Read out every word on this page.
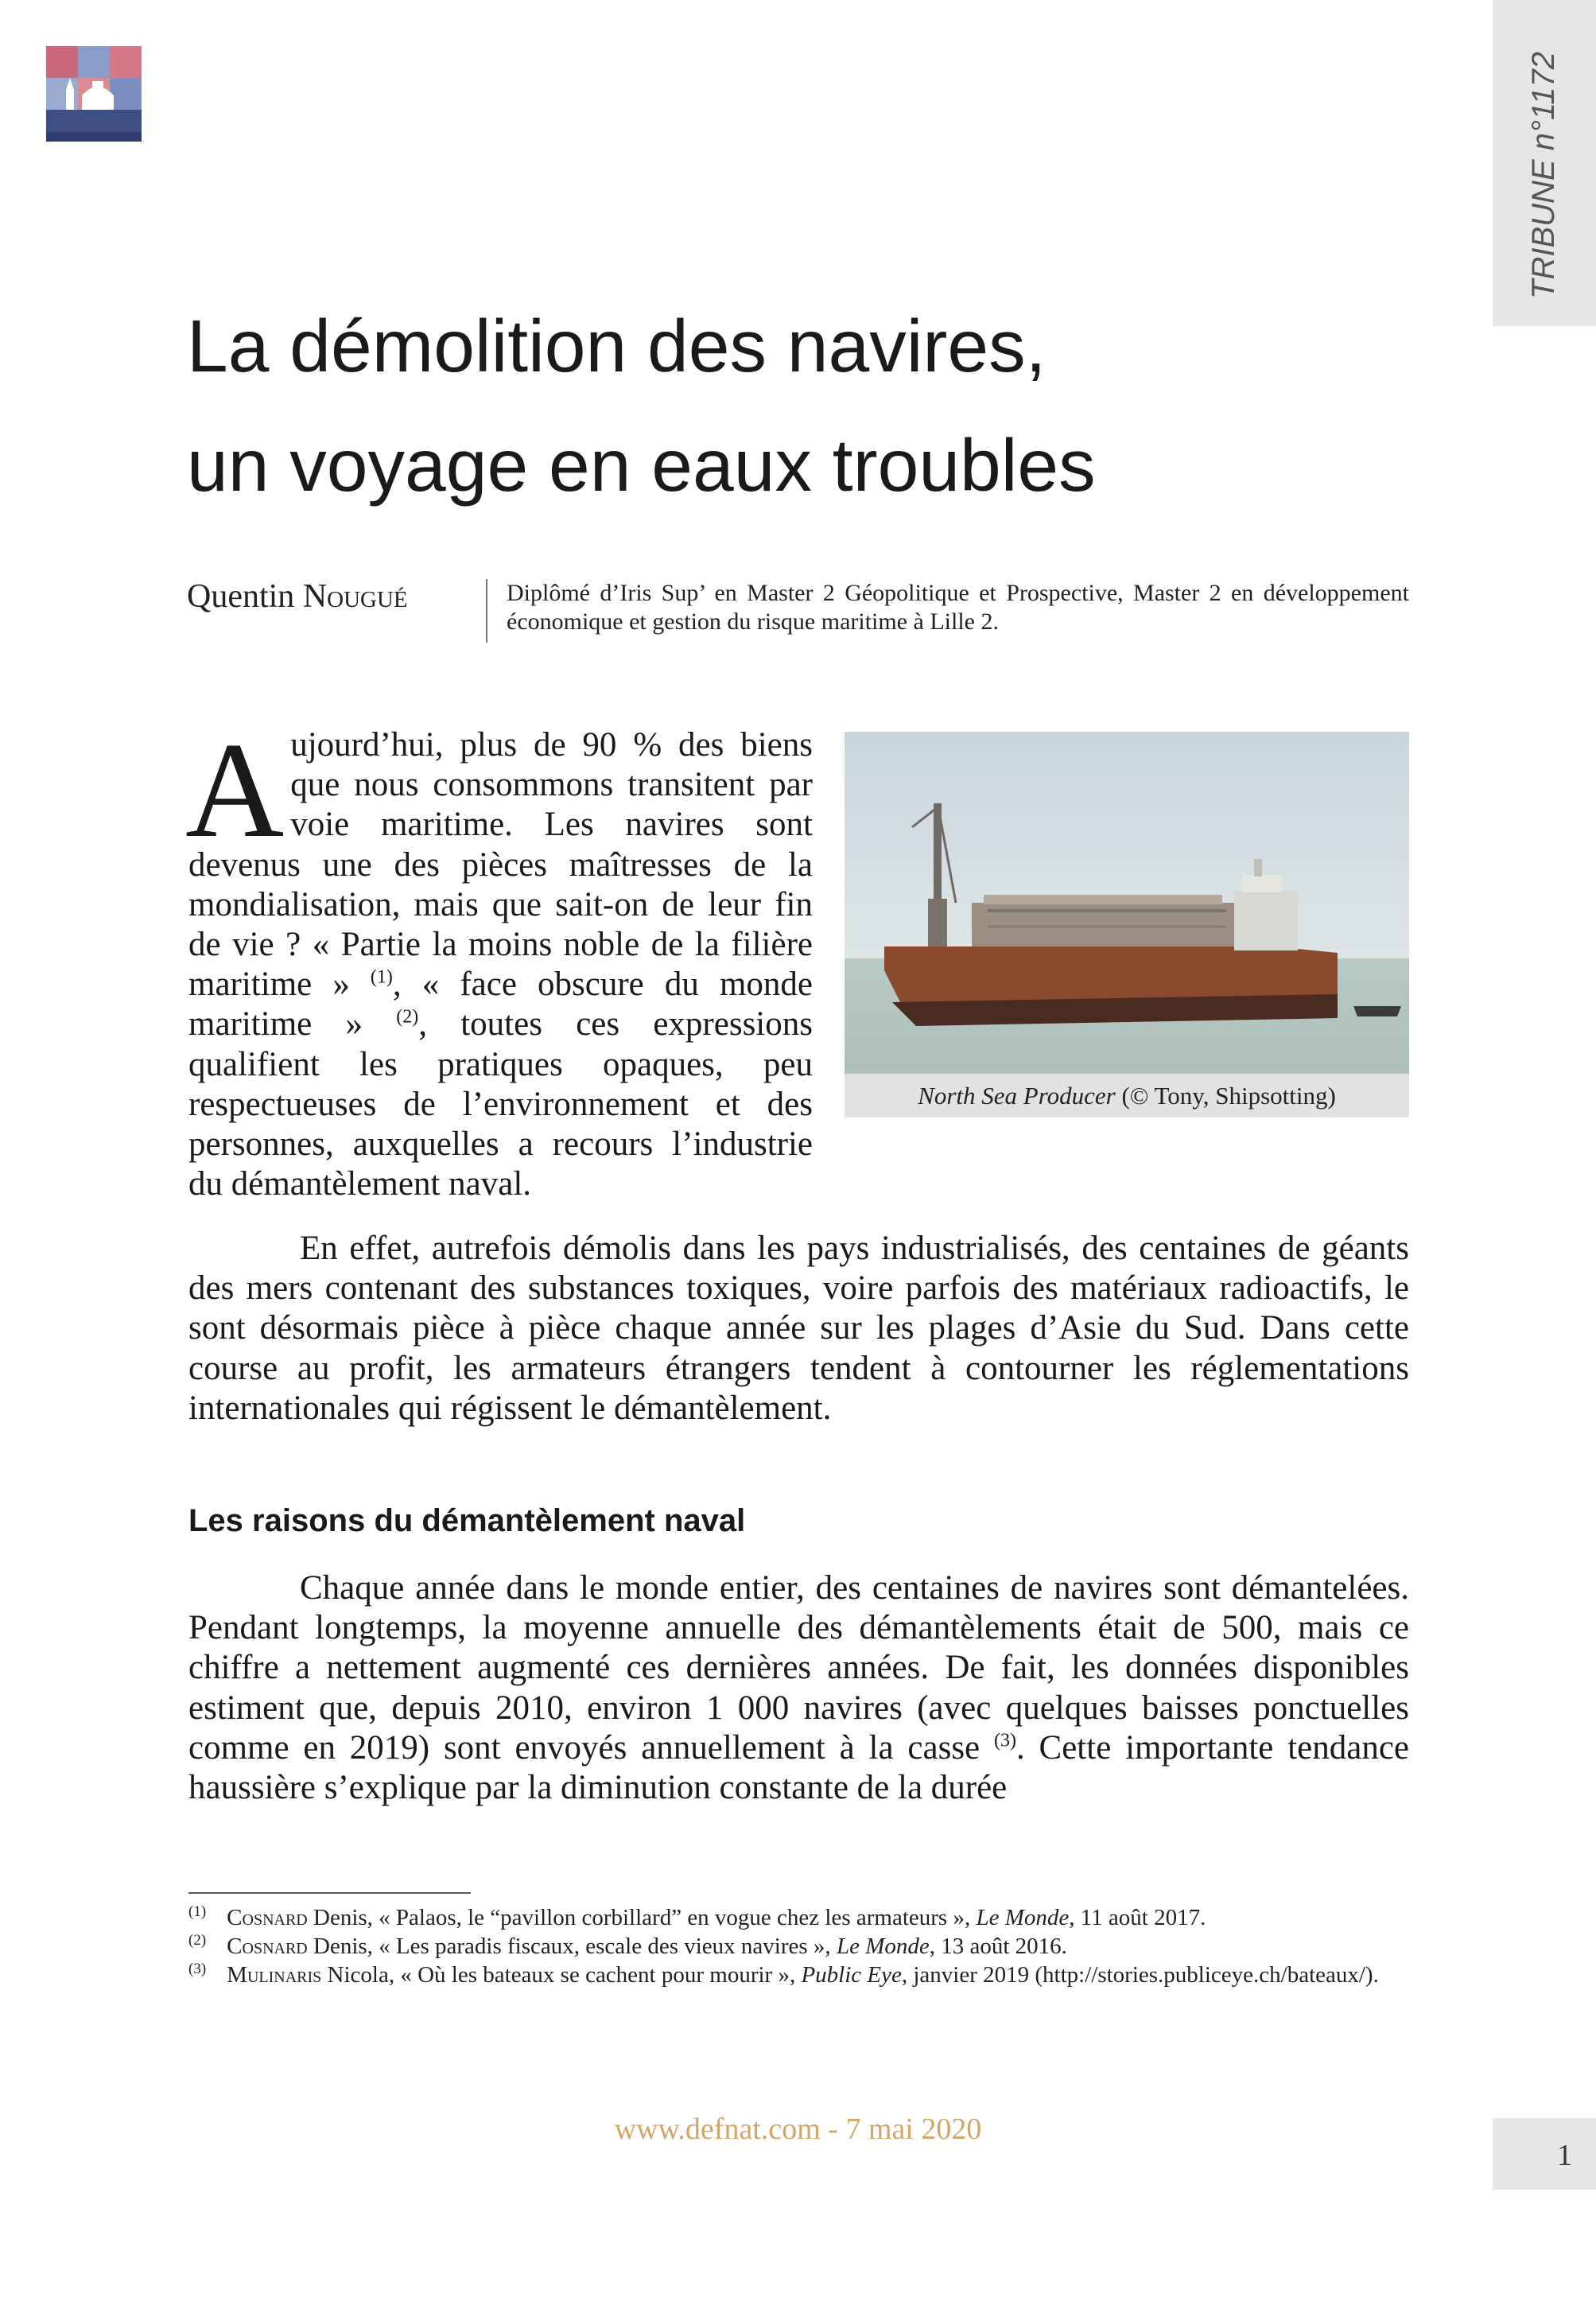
TRIBUNE n°1172
La démolition des navires,
un voyage en eaux troubles
Quentin Nougué	Diplômé d’Iris Sup’ en Master 2 Géopolitique et Prospective, Master 2 en développement économique et gestion du risque maritime à Lille 2.
North Sea Producer (© Tony, Shipsotting)

Aujourd’hui, plus de 90 % des biens que nous consommons transitent par voie maritime. Les navires sont devenus une des pièces maîtresses de la mondialisation, mais que sait-on de leur fin de vie ? « Partie la moins noble de la filière maritime » $^{(1)}$, « face obscure du monde maritime » $^{(2)}$, toutes ces expressions qualifient les pratiques opaques, peu respectueuses de l’environnement et des personnes, auxquelles a recours l’industrie du démantèlement naval.

En effet, autrefois démolis dans les pays industrialisés, des centaines de géants des mers contenant des substances toxiques, voire parfois des matériaux radioactifs, le sont désormais pièce à pièce chaque année sur les plages d’Asie du Sud. Dans cette course au profit, les armateurs étrangers tendent à contourner les réglementations internationales qui régissent le démantèlement.

Les raisons du démantèlement naval

Chaque année dans le monde entier, des centaines de navires sont démantelées. Pendant longtemps, la moyenne annuelle des démantèlements était de 500, mais ce chiffre a nettement augmenté ces dernières années. De fait, les données disponibles estiment que, depuis 2010, environ 1 000 navires (avec quelques baisses ponctuelles comme en 2019) sont envoyés annuellement à la casse $^{(3)}$. Cette importante tendance haussière s’explique par la diminution constante de la durée

$^{(1)}$ Cosnard Denis, « Palaos, le “pavillon corbillard” en vogue chez les armateurs », Le Monde, 11 août 2017.

$^{(2)}$ Cosnard Denis, « Les paradis fiscaux, escale des vieux navires », Le Monde, 13 août 2016.

$^{(3)}$ Mulinaris Nicola, « Où les bateaux se cachent pour mourir », Public Eye, janvier 2019 (http://stories.publiceye.ch/bateaux/).

www.defnat.com - 7 mai 2020
1
